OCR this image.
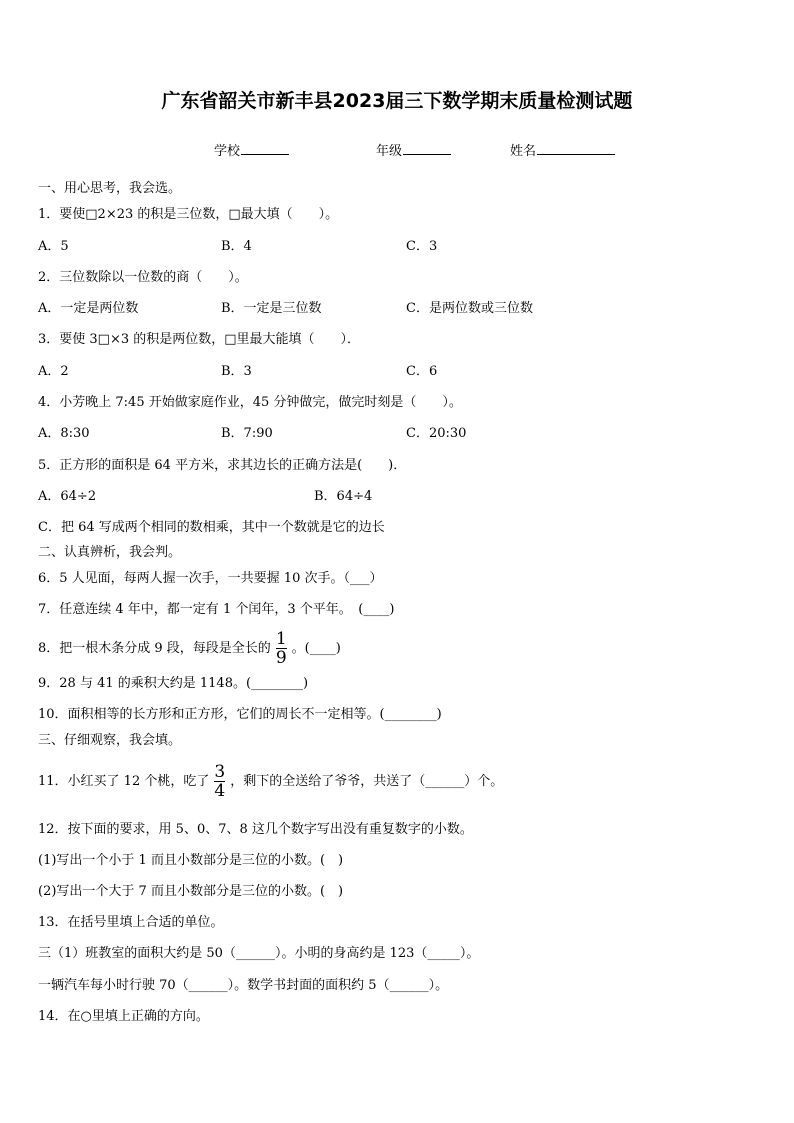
广东省韶关市新丰县2023届三下数学期末质量检测试题
学校	年级	姓名
一、用心思考，我会选。
1．要使□2×23 的积是三位数，□最大填（　　）。
A．5	B．4	C．3
2．三位数除以一位数的商（　　）。
A．一定是两位数	B．一定是三位数	C．是两位数或三位数
3．要使 3□×3 的积是两位数，□里最大能填（　　）．
A．2	B．3	C．6
4．小芳晚上 7:45 开始做家庭作业，45 分钟做完，做完时刻是（　　）。
A．8:30	B．7:90	C．20:30
5．正方形的面积是 64 平方米，求其边长的正确方法是(　　)．
A．64÷2	B．64÷4
C．把 64 写成两个相同的数相乘，其中一个数就是它的边长
二、认真辨析，我会判。
6．5 人见面，每两人握一次手，一共要握 10 次手。（___）
7．任意连续 4 年中，都一定有 1 个闰年，3 个平年。　(____)
8．把一根木条分成 9 段，每段是全长的 $\frac{1}{9}$ 。(____)
9．28 与 41 的乘积大约是 1148。(________)
10．面积相等的长方形和正方形，它们的周长不一定相等。(________)
三、仔细观察，我会填。
11．小红买了 12 个桃，吃了 $\frac{3}{4}$ ，剩下的全送给了爷爷，共送了（______）个。
12．按下面的要求，用 5、0、7、8 这几个数字写出没有重复数字的小数。
(1)写出一个小于 1 而且小数部分是三位的小数。(　)
(2)写出一个大于 7 而且小数部分是三位的小数。(　)
13．在括号里填上合适的单位。
三（1）班教室的面积大约是 50（______）。小明的身高约是 123（_____）。
一辆汽车每小时行驶 70（______）。数学书封面的面积约 5（______）。
14．在○里填上正确的方向。
